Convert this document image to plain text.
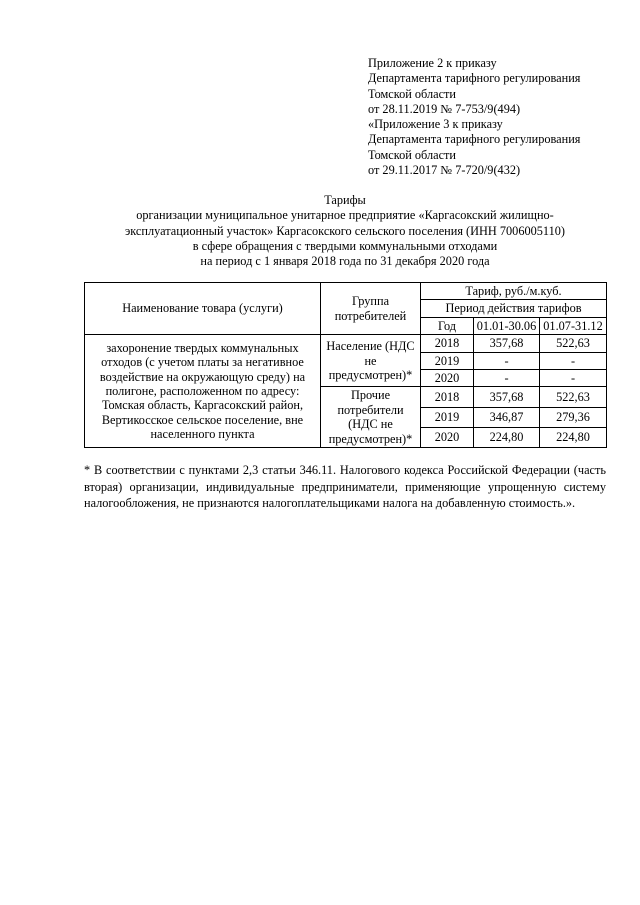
Приложение 2 к приказу
Департамента тарифного регулирования
Томской области
от 28.11.2019 № 7-753/9(494)
«Приложение 3 к приказу
Департамента тарифного регулирования
Томской области
от 29.11.2017 № 7-720/9(432)
Тарифы
организации муниципальное унитарное предприятие «Каргасокский жилищно-
эксплуатационный участок» Каргасокского сельского поселения (ИНН 7006005110)
в сфере обращения с твердыми коммунальными отходами
на период с 1 января 2018 года по 31 декабря 2020 года
Наименование товара (услуги)	Группа потребителей	Тариф, руб./м.куб.		
		Период действия тарифов		
		Год	01.01-30.06	01.07-31.12
захоронение твердых коммунальных отходов (с учетом платы за негативное воздействие на окружающую среду) на полигоне, расположенном по адресу: Томская область, Каргасокский район, Вертикосское сельское поселение, вне населенного пункта	Население (НДС не предусмотрен)*	2018	357,68	522,63
		2019	-	-
		2020	-	-
	Прочие потребители (НДС не предусмотрен)*	2018	357,68	522,63
		2019	346,87	279,36
		2020	224,80	224,80
* В соответствии с пунктами 2,3 статьи 346.11. Налогового кодекса Российской Федерации (часть вторая) организации, индивидуальные предприниматели, применяющие упрощенную систему налогообложения, не признаются налогоплательщиками налога на добавленную стоимость.».
